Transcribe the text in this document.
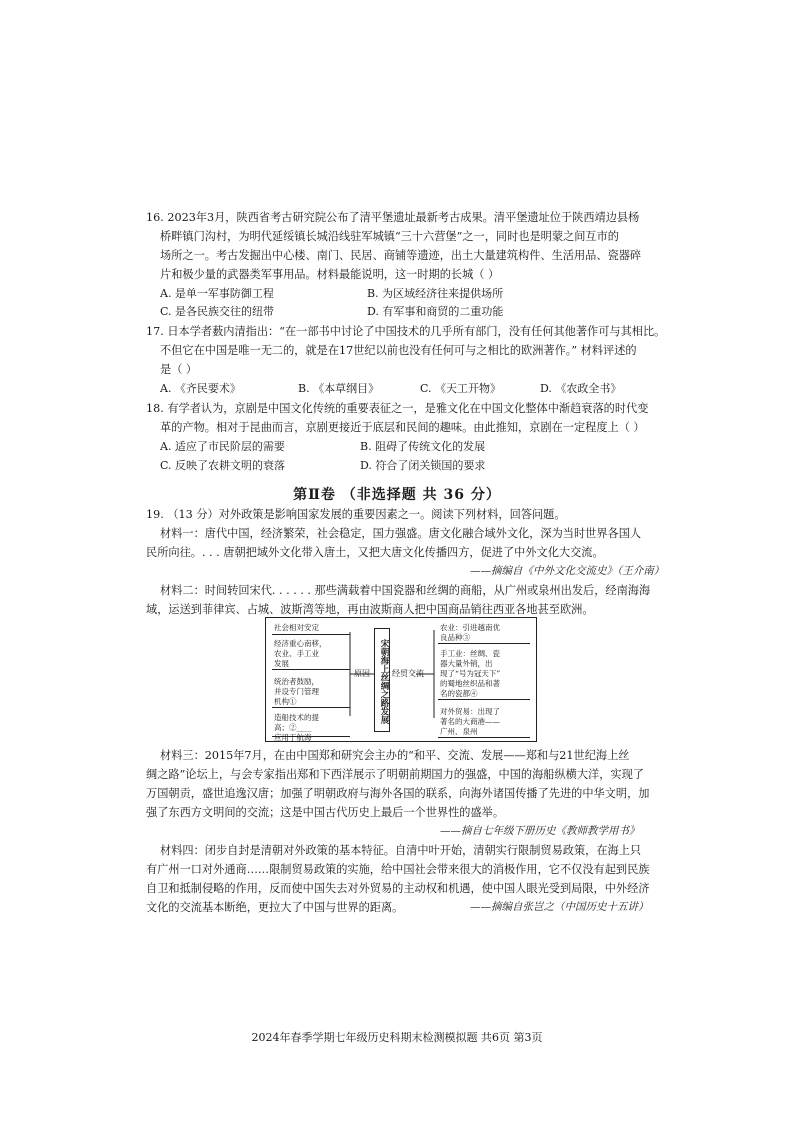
16. 2023年3月，陕西省考古研究院公布了清平堡遗址最新考古成果。清平堡遗址位于陕西靖边县杨
桥畔镇门沟村，为明代延绥镇长城沿线驻军城镇“三十六营堡”之一，同时也是明蒙之间互市的
场所之一。考古发掘出中心楼、南门、民居、商铺等遗迹，出土大量建筑构件、生活用品、瓷器碎
片和极少量的武器类军事用品。材料最能说明，这一时期的长城（ ）
A. 是单一军事防御工程	B. 为区域经济往来提供场所
C. 是各民族交往的纽带	D. 有军事和商贸的二重功能
17. 日本学者薮内清指出：“在一部书中讨论了中国技术的几乎所有部门，没有任何其他著作可与其相比。
不但它在中国是唯一无二的，就是在17世纪以前也没有任何可与之相比的欧洲著作。” 材料评述的
是（ ）
A. 《齐民要术》	B. 《本草纲目》	C. 《天工开物》	D. 《农政全书》
18. 有学者认为，京剧是中国文化传统的重要表征之一，是雅文化在中国文化整体中渐趋衰落的时代变
革的产物。相对于昆曲而言，京剧更接近于底层和民间的趣味。由此推知，京剧在一定程度上（ ）
A. 适应了市民阶层的需要	B. 阻碍了传统文化的发展
C. 反映了农耕文明的衰落	D. 符合了闭关锁国的要求
第Ⅱ卷 （非选择题 共 36 分）
19. （13 分）对外政策是影响国家发展的重要因素之一。阅读下列材料，回答问题。
材料一：唐代中国，经济繁荣，社会稳定，国力强盛。唐文化融合域外文化，深为当时世界各国人
民所向往。. . . 唐朝把域外文化带入唐土，又把大唐文化传播四方，促进了中外文化大交流。
——摘编自《中外文化交流史》（王介南）
材料二：时间转回宋代. . . . . . 那些满载着中国瓷器和丝绸的商船，从广州或泉州出发后，经南海海
域，运送到菲律宾、占城、波斯湾等地，再由波斯商人把中国商品销往西亚各地甚至欧洲。
社会相对安定
经济重心南移，
农业、手工业
发展
统治者鼓励，
并设专门管理
机构①
造船技术的提
高；②____
应用于航海
原因	宋朝海上丝绸之路发展 经贸交流
农业：引进越南优
良品种③
手工业：丝绸、瓷
器大量外销，出
现了“号为冠天下”
的蜀地丝织品和著
名的瓷都④
对外贸易：出现了
著名的大商港——
广州、泉州
材料三：2015年7月，在由中国郑和研究会主办的“和平、交流、发展——郑和与21世纪海上丝
绸之路”论坛上，与会专家指出郑和下西洋展示了明朝前期国力的强盛，中国的海船纵横大洋，实现了
万国朝贡，盛世追逸汉唐；加强了明朝政府与海外各国的联系，向海外诸国传播了先进的中华文明，加
强了东西方文明间的交流；这是中国古代历史上最后一个世界性的盛举。
——摘自七年级下册历史《教师教学用书》
材料四：闭步自封是清朝对外政策的基本特征。自清中叶开始，清朝实行限制贸易政策，在海上只
有广州一口对外通商……限制贸易政策的实施，给中国社会带来很大的消极作用，它不仅没有起到民族
自卫和抵制侵略的作用，反而使中国失去对外贸易的主动权和机遇，使中国人眼光受到局限，中外经济
文化的交流基本断绝，更拉大了中国与世界的距离。	——摘编自张岂之（中国历史十五讲）
2024年春季学期七年级历史科期末检测模拟题 共6页 第3页
